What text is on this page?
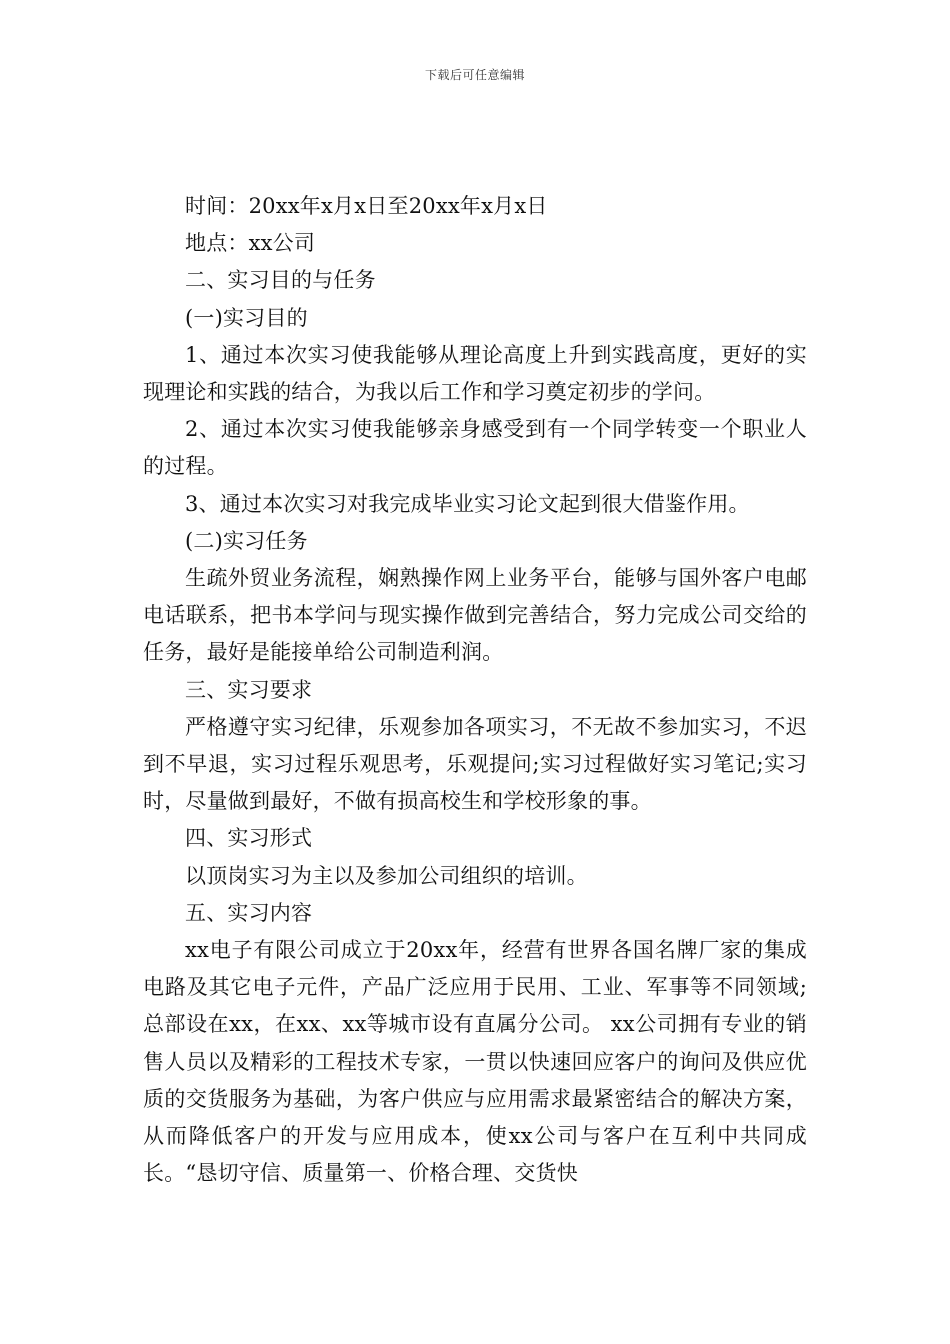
下载后可任意编辑

时间：20xx年x月x日至20xx年x月x日

地点：xx公司

二、实习目的与任务

(一)实习目的

1、通过本次实习使我能够从理论高度上升到实践高度，更好的实现理论和实践的结合，为我以后工作和学习奠定初步的学问。

2、通过本次实习使我能够亲身感受到有一个同学转变一个职业人的过程。

3、通过本次实习对我完成毕业实习论文起到很大借鉴作用。

(二)实习任务

生疏外贸业务流程，娴熟操作网上业务平台，能够与国外客户电邮电话联系，把书本学问与现实操作做到完善结合，努力完成公司交给的任务，最好是能接单给公司制造利润。

三、实习要求

严格遵守实习纪律，乐观参加各项实习，不无故不参加实习，不迟到不早退，实习过程乐观思考，乐观提问;实习过程做好实习笔记;实习时，尽量做到最好，不做有损高校生和学校形象的事。

四、实习形式

以顶岗实习为主以及参加公司组织的培训。

五、实习内容

xx电子有限公司成立于20xx年，经营有世界各国名牌厂家的集成电路及其它电子元件，产品广泛应用于民用、工业、军事等不同领域;总部设在xx，在xx、xx等城市设有直属分公司。 xx公司拥有专业的销售人员以及精彩的工程技术专家，一贯以快速回应客户的询问及供应优质的交货服务为基础，为客户供应与应用需求最紧密结合的解决方案，从而降低客户的开发与应用成本，使xx公司与客户在互利中共同成长。“恳切守信、质量第一、价格合理、交货快
